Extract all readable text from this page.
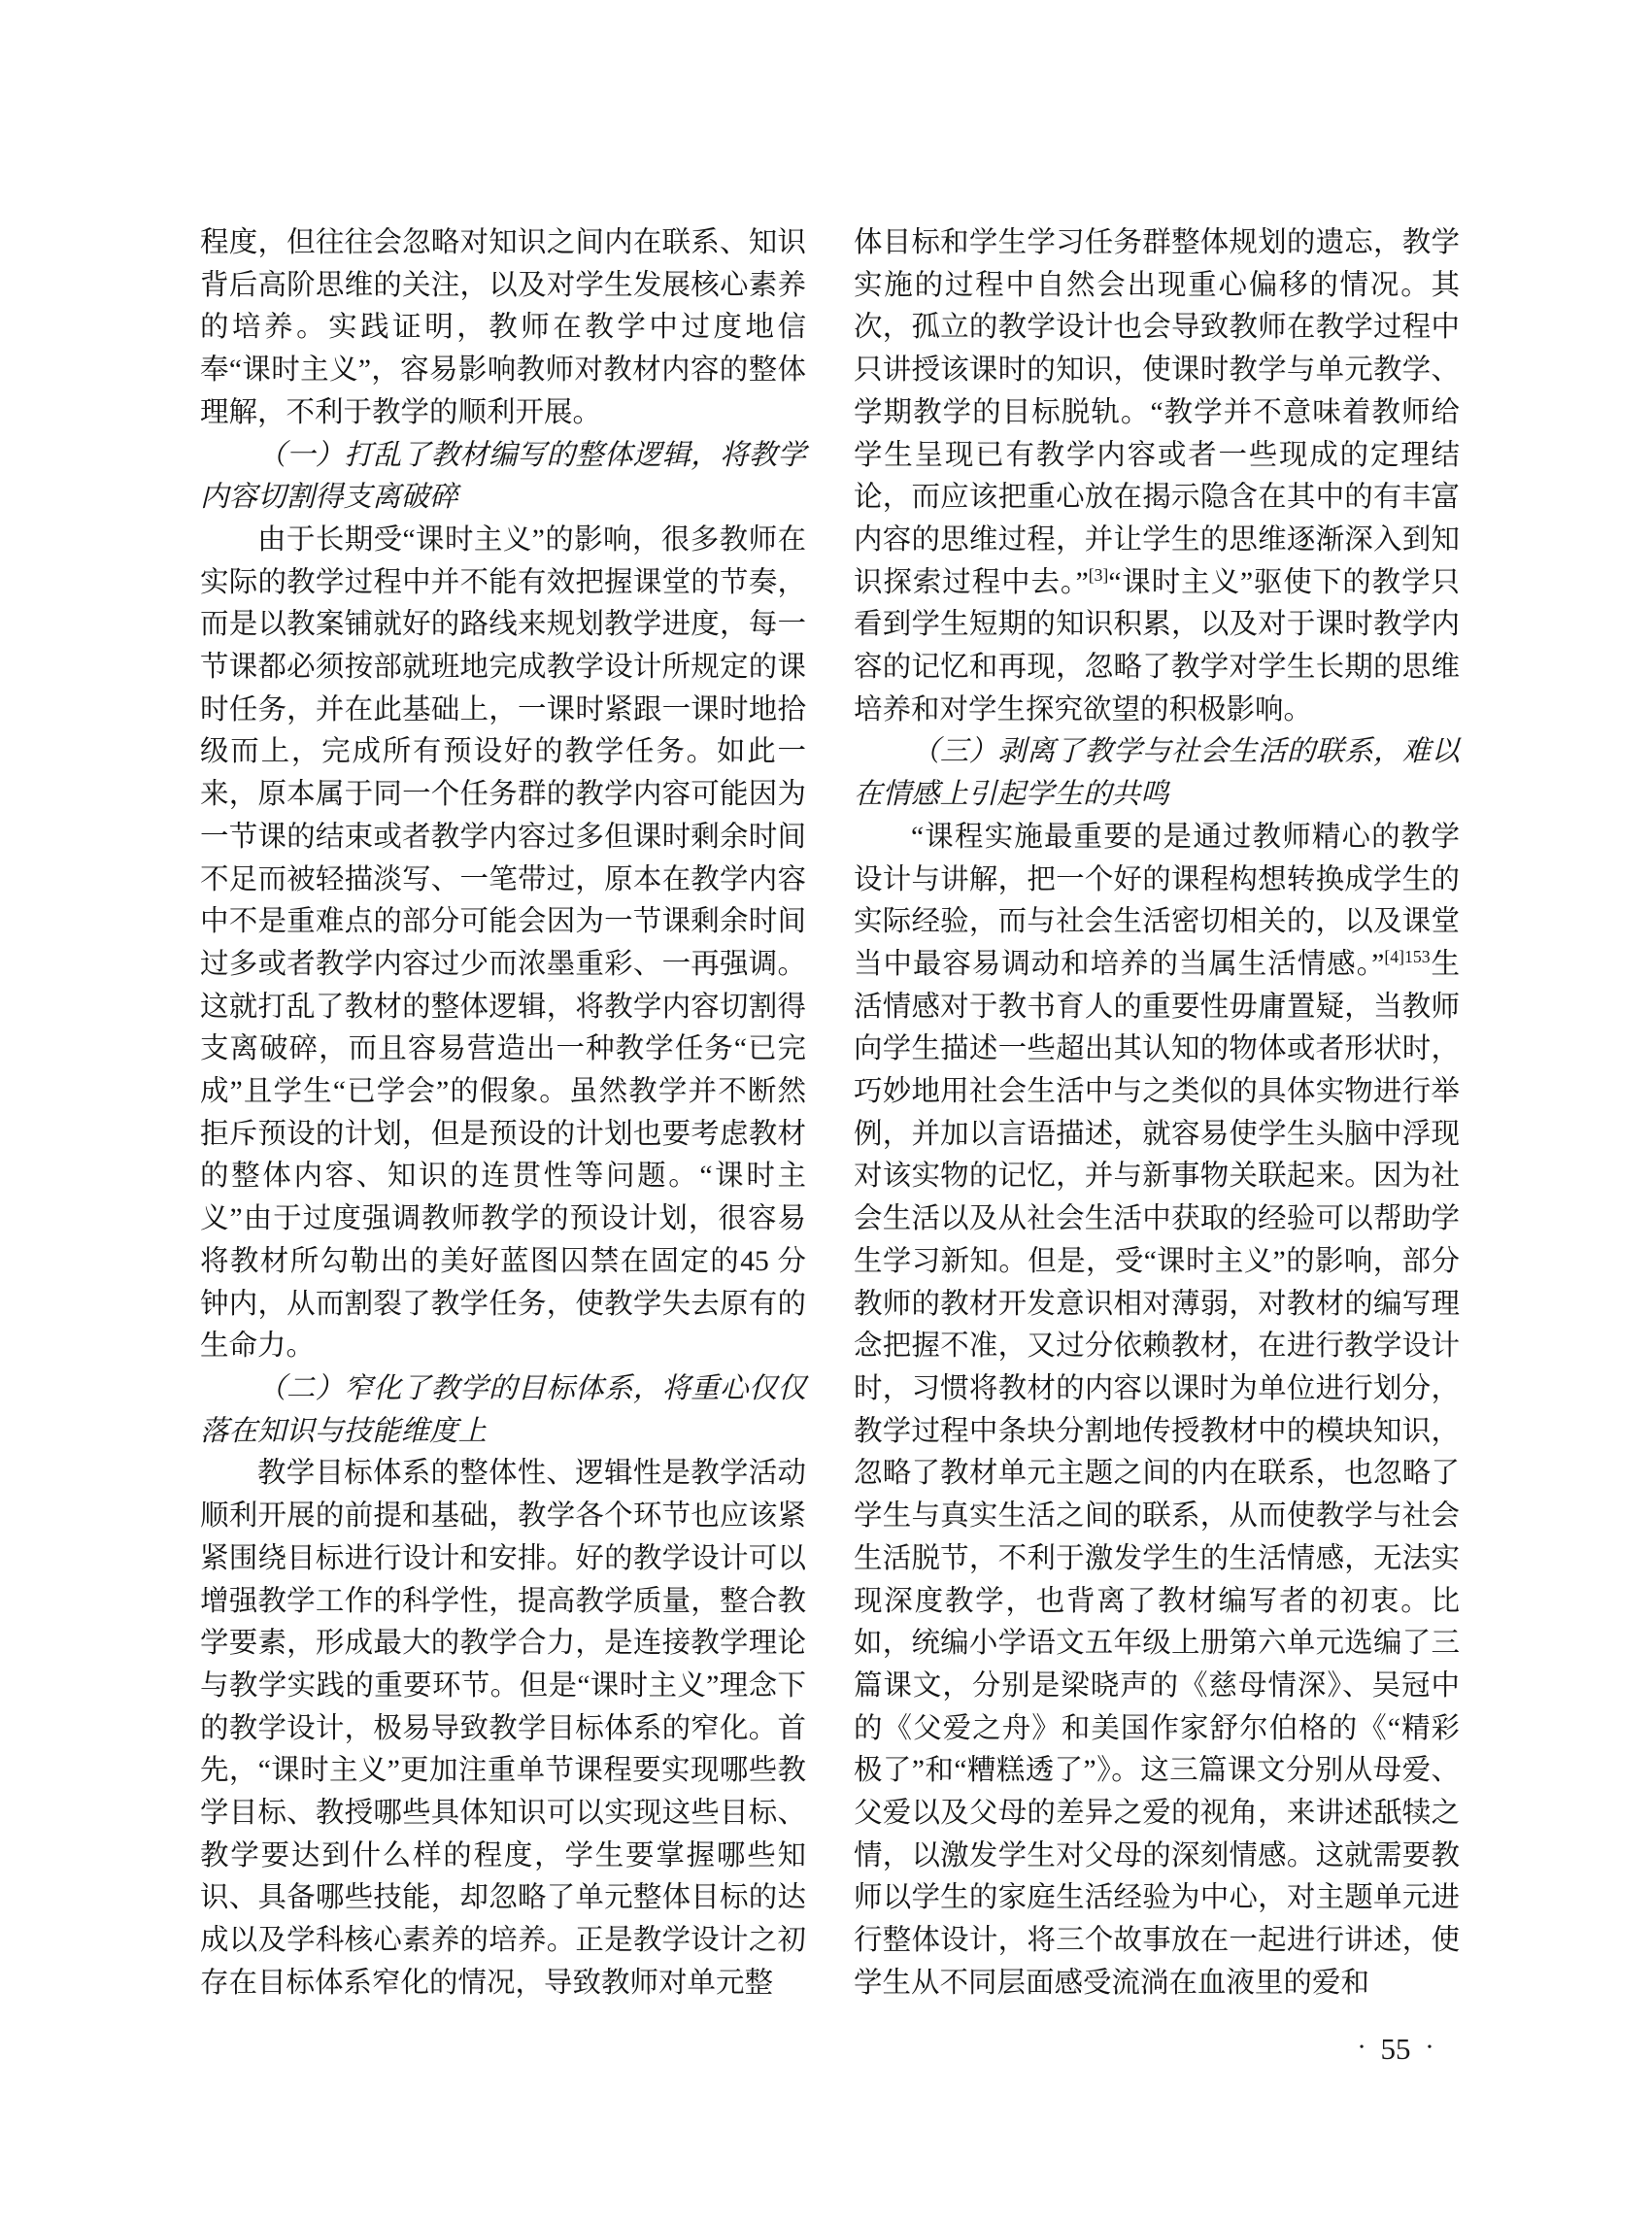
程度，但往往会忽略对知识之间内在联系、知识背后高阶思维的关注，以及对学生发展核心素养的培养。实践证明，教师在教学中过度地信奉“课时主义”，容易影响教师对教材内容的整体理解，不利于教学的顺利开展。

（一）打乱了教材编写的整体逻辑，将教学内容切割得支离破碎

由于长期受“课时主义”的影响，很多教师在实际的教学过程中并不能有效把握课堂的节奏，而是以教案铺就好的路线来规划教学进度，每一节课都必须按部就班地完成教学设计所规定的课时任务，并在此基础上，一课时紧跟一课时地拾级而上，完成所有预设好的教学任务。如此一来，原本属于同一个任务群的教学内容可能因为一节课的结束或者教学内容过多但课时剩余时间不足而被轻描淡写、一笔带过，原本在教学内容中不是重难点的部分可能会因为一节课剩余时间过多或者教学内容过少而浓墨重彩、一再强调。这就打乱了教材的整体逻辑，将教学内容切割得支离破碎，而且容易营造出一种教学任务“已完成”且学生“已学会”的假象。虽然教学并不断然拒斥预设的计划，但是预设的计划也要考虑教材的整体内容、知识的连贯性等问题。“课时主义”由于过度强调教师教学的预设计划，很容易将教材所勾勒出的美好蓝图囚禁在固定的45 分钟内，从而割裂了教学任务，使教学失去原有的生命力。

（二）窄化了教学的目标体系，将重心仅仅落在知识与技能维度上

教学目标体系的整体性、逻辑性是教学活动顺利开展的前提和基础，教学各个环节也应该紧紧围绕目标进行设计和安排。好的教学设计可以增强教学工作的科学性，提高教学质量，整合教学要素，形成最大的教学合力，是连接教学理论与教学实践的重要环节。但是“课时主义”理念下的教学设计，极易导致教学目标体系的窄化。首先，“课时主义”更加注重单节课程要实现哪些教学目标、教授哪些具体知识可以实现这些目标、教学要达到什么样的程度，学生要掌握哪些知识、具备哪些技能，却忽略了单元整体目标的达成以及学科核心素养的培养。正是教学设计之初存在目标体系窄化的情况，导致教师对单元整

体目标和学生学习任务群整体规划的遗忘，教学实施的过程中自然会出现重心偏移的情况。其次，孤立的教学设计也会导致教师在教学过程中只讲授该课时的知识，使课时教学与单元教学、学期教学的目标脱轨。“教学并不意味着教师给学生呈现已有教学内容或者一些现成的定理结论，而应该把重心放在揭示隐含在其中的有丰富内容的思维过程，并让学生的思维逐渐深入到知识探索过程中去。”[3]“课时主义”驱使下的教学只看到学生短期的知识积累，以及对于课时教学内容的记忆和再现，忽略了教学对学生长期的思维培养和对学生探究欲望的积极影响。

（三）剥离了教学与社会生活的联系，难以在情感上引起学生的共鸣

“课程实施最重要的是通过教师精心的教学设计与讲解，把一个好的课程构想转换成学生的实际经验，而与社会生活密切相关的，以及课堂当中最容易调动和培养的当属生活情感。”$^{[4]153}$生活情感对于教书育人的重要性毋庸置疑，当教师向学生描述一些超出其认知的物体或者形状时，巧妙地用社会生活中与之类似的具体实物进行举例，并加以言语描述，就容易使学生头脑中浮现对该实物的记忆，并与新事物关联起来。因为社会生活以及从社会生活中获取的经验可以帮助学生学习新知。但是，受“课时主义”的影响，部分教师的教材开发意识相对薄弱，对教材的编写理念把握不准，又过分依赖教材，在进行教学设计时，习惯将教材的内容以课时为单位进行划分，教学过程中条块分割地传授教材中的模块知识，忽略了教材单元主题之间的内在联系，也忽略了学生与真实生活之间的联系，从而使教学与社会生活脱节，不利于激发学生的生活情感，无法实现深度教学，也背离了教材编写者的初衷。比如，统编小学语文五年级上册第六单元选编了三篇课文，分别是梁晓声的《慈母情深》、吴冠中的《父爱之舟》和美国作家舒尔伯格的《“精彩极了”和“糟糕透了”》。这三篇课文分别从母爱、父爱以及父母的差异之爱的视角，来讲述舐犊之情，以激发学生对父母的深刻情感。这就需要教师以学生的家庭生活经验为中心，对主题单元进行整体设计，将三个故事放在一起进行讲述，使学生从不同层面感受流淌在血液里的爱和

• 55 •
